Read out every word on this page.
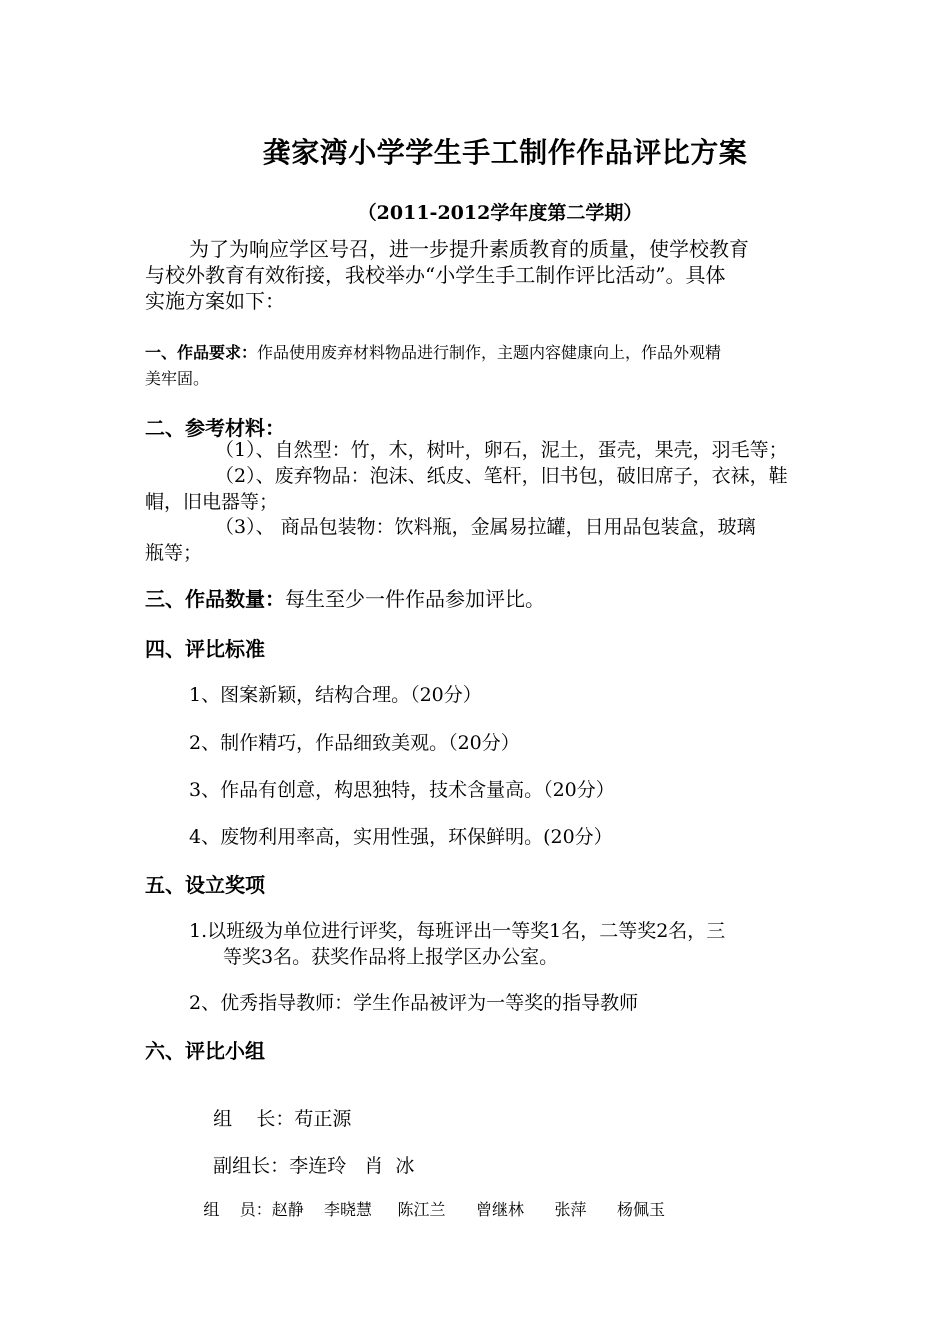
龚家湾小学学生手工制作作品评比方案
（2011-2012学年度第二学期）
为了为响应学区号召，进一步提升素质教育的质量，使学校教育
与校外教育有效衔接，我校举办“小学生手工制作评比活动”。具体
实施方案如下：
一、作品要求：作品使用废弃材料物品进行制作，主题内容健康向上，作品外观精
美牢固。
二、参考材料：
（1）、自然型：竹，木，树叶，卵石，泥土，蛋壳，果壳，羽毛等；
（2）、废弃物品：泡沫、纸皮、笔杆，旧书包，破旧席子，衣袜，鞋
帽，旧电器等；
（3）、 商品包装物：饮料瓶，金属易拉罐，日用品包装盒，玻璃
瓶等；
三、作品数量：每生至少一件作品参加评比。
四、评比标准
1、图案新颖，结构合理。（20分）
2、制作精巧，作品细致美观。（20分）
3、作品有创意，构思独特，技术含量高。（20分）
4、废物利用率高，实用性强，环保鲜明。(20分）
五、设立奖项
1.以班级为单位进行评奖，每班评出一等奖1名，二等奖2名，三
等奖3名。获奖作品将上报学区办公室。
2、优秀指导教师：学生作品被评为一等奖的指导教师
六、评比小组

组    长：苟正源

副组长：李连玲   肖  冰

组    员：赵静    李晓慧     陈江兰      曾继林      张萍      杨佩玉
